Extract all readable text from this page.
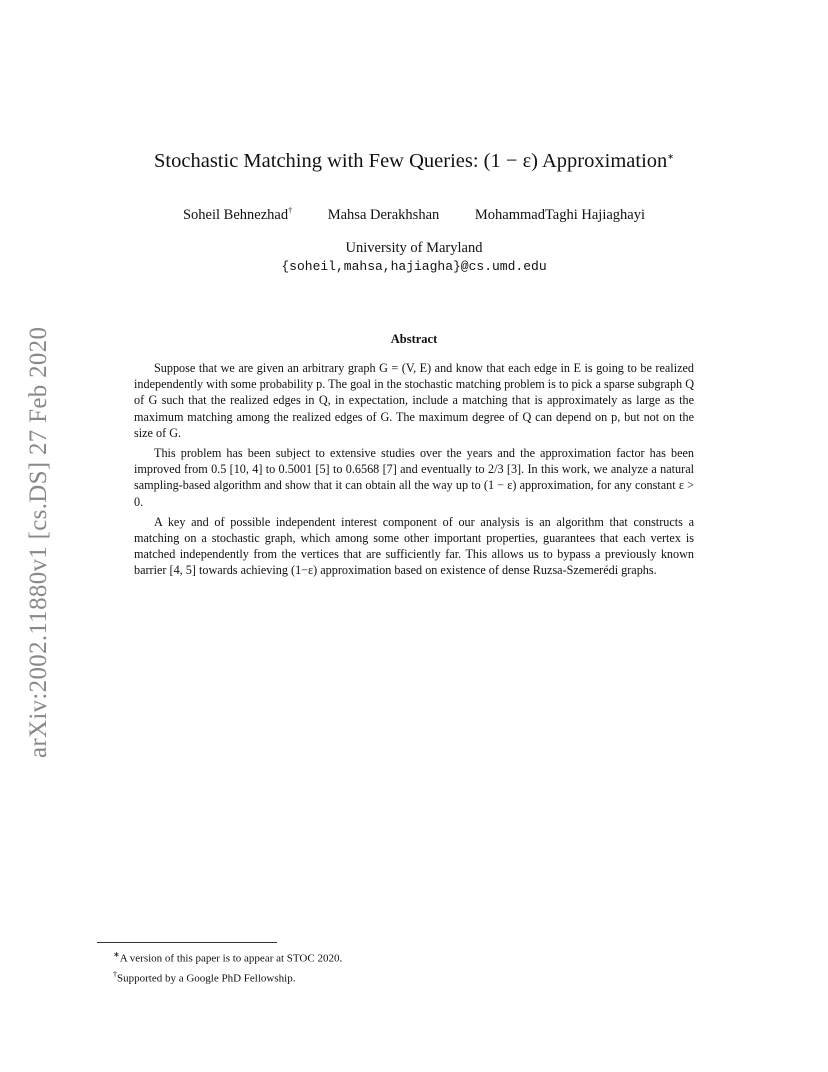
arXiv:2002.11880v1 [cs.DS] 27 Feb 2020
Stochastic Matching with Few Queries: (1 − ε) Approximation∗
Soheil Behnezhad† Mahsa Derakhshan MohammadTaghi Hajiaghayi
University of Maryland
{soheil,mahsa,hajiagha}@cs.umd.edu
Abstract

Suppose that we are given an arbitrary graph G = (V, E) and know that each edge in E is going to be realized independently with some probability p. The goal in the stochastic matching problem is to pick a sparse subgraph Q of G such that the realized edges in Q, in expectation, include a matching that is approximately as large as the maximum matching among the realized edges of G. The maximum degree of Q can depend on p, but not on the size of G.

This problem has been subject to extensive studies over the years and the approximation factor has been improved from 0.5 [10, 4] to 0.5001 [5] to 0.6568 [7] and eventually to 2/3 [3]. In this work, we analyze a natural sampling-based algorithm and show that it can obtain all the way up to (1 − ε) approximation, for any constant ε > 0.

A key and of possible independent interest component of our analysis is an algorithm that constructs a matching on a stochastic graph, which among some other important properties, guarantees that each vertex is matched independently from the vertices that are sufficiently far. This allows us to bypass a previously known barrier [4, 5] towards achieving (1−ε) approximation based on existence of dense Ruzsa-Szemerédi graphs.

∗A version of this paper is to appear at STOC 2020.
†Supported by a Google PhD Fellowship.
